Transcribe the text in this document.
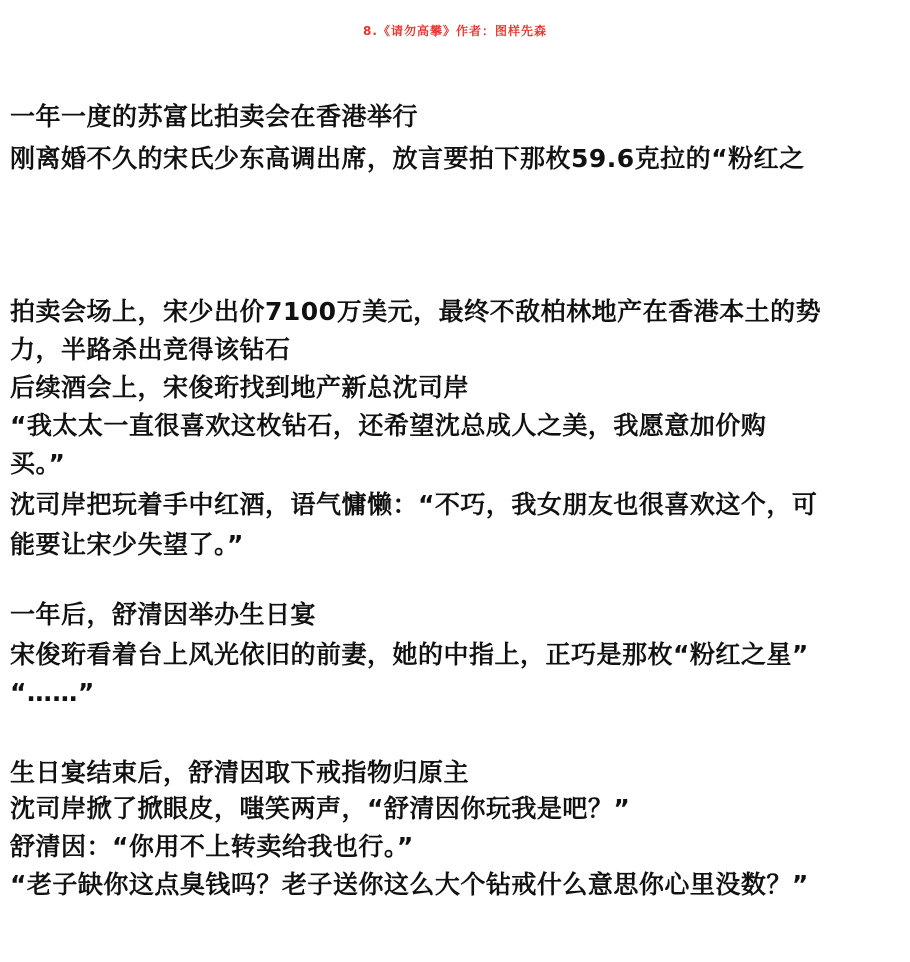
8.《请勿高攀》作者：图样先森
一年一度的苏富比拍卖会在香港举行
刚离婚不久的宋氏少东高调出席，放言要拍下那枚59.6克拉的“粉红之
拍卖会场上，宋少出价7100万美元，最终不敌柏林地产在香港本土的势
力，半路杀出竞得该钻石
后续酒会上，宋俊珩找到地产新总沈司岸
“我太太一直很喜欢这枚钻石，还希望沈总成人之美，我愿意加价购
买。”
沈司岸把玩着手中红酒，语气慵懒：“不巧，我女朋友也很喜欢这个，可
能要让宋少失望了。”
一年后，舒清因举办生日宴
宋俊珩看着台上风光依旧的前妻，她的中指上，正巧是那枚“粉红之星”
“……”
生日宴结束后，舒清因取下戒指物归原主
沈司岸掀了掀眼皮，嗤笑两声，“舒清因你玩我是吧？”
舒清因：“你用不上转卖给我也行。”
“老子缺你这点臭钱吗？老子送你这么大个钻戒什么意思你心里没数？”
